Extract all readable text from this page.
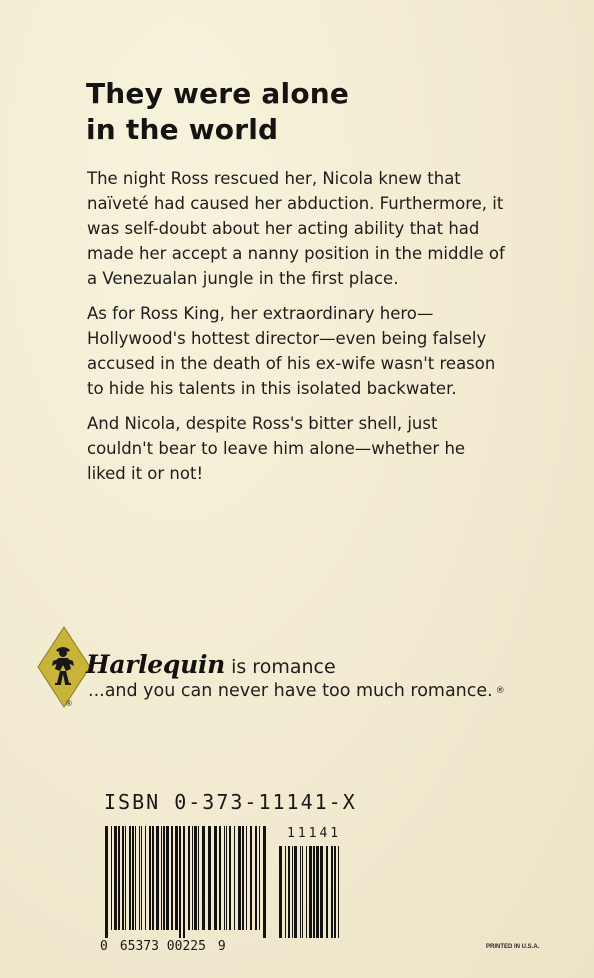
They were alone
in the world

The night Ross rescued her, Nicola knew that naïveté had caused her abduction. Furthermore, it was self-doubt about her acting ability that had made her accept a nanny position in the middle of a Venezualan jungle in the first place.

As for Ross King, her extraordinary hero—Hollywood's hottest director—even being falsely accused in the death of his ex-wife wasn't reason to hide his talents in this isolated backwater.

And Nicola, despite Ross's bitter shell, just couldn't bear to leave him alone—whether he liked it or not!

®
Harlequin is romance
...and you can never have too much romance. ®
ISBN 0-373-11141-X
11141
0 65373 00225 9	PRINTED IN U.S.A.
